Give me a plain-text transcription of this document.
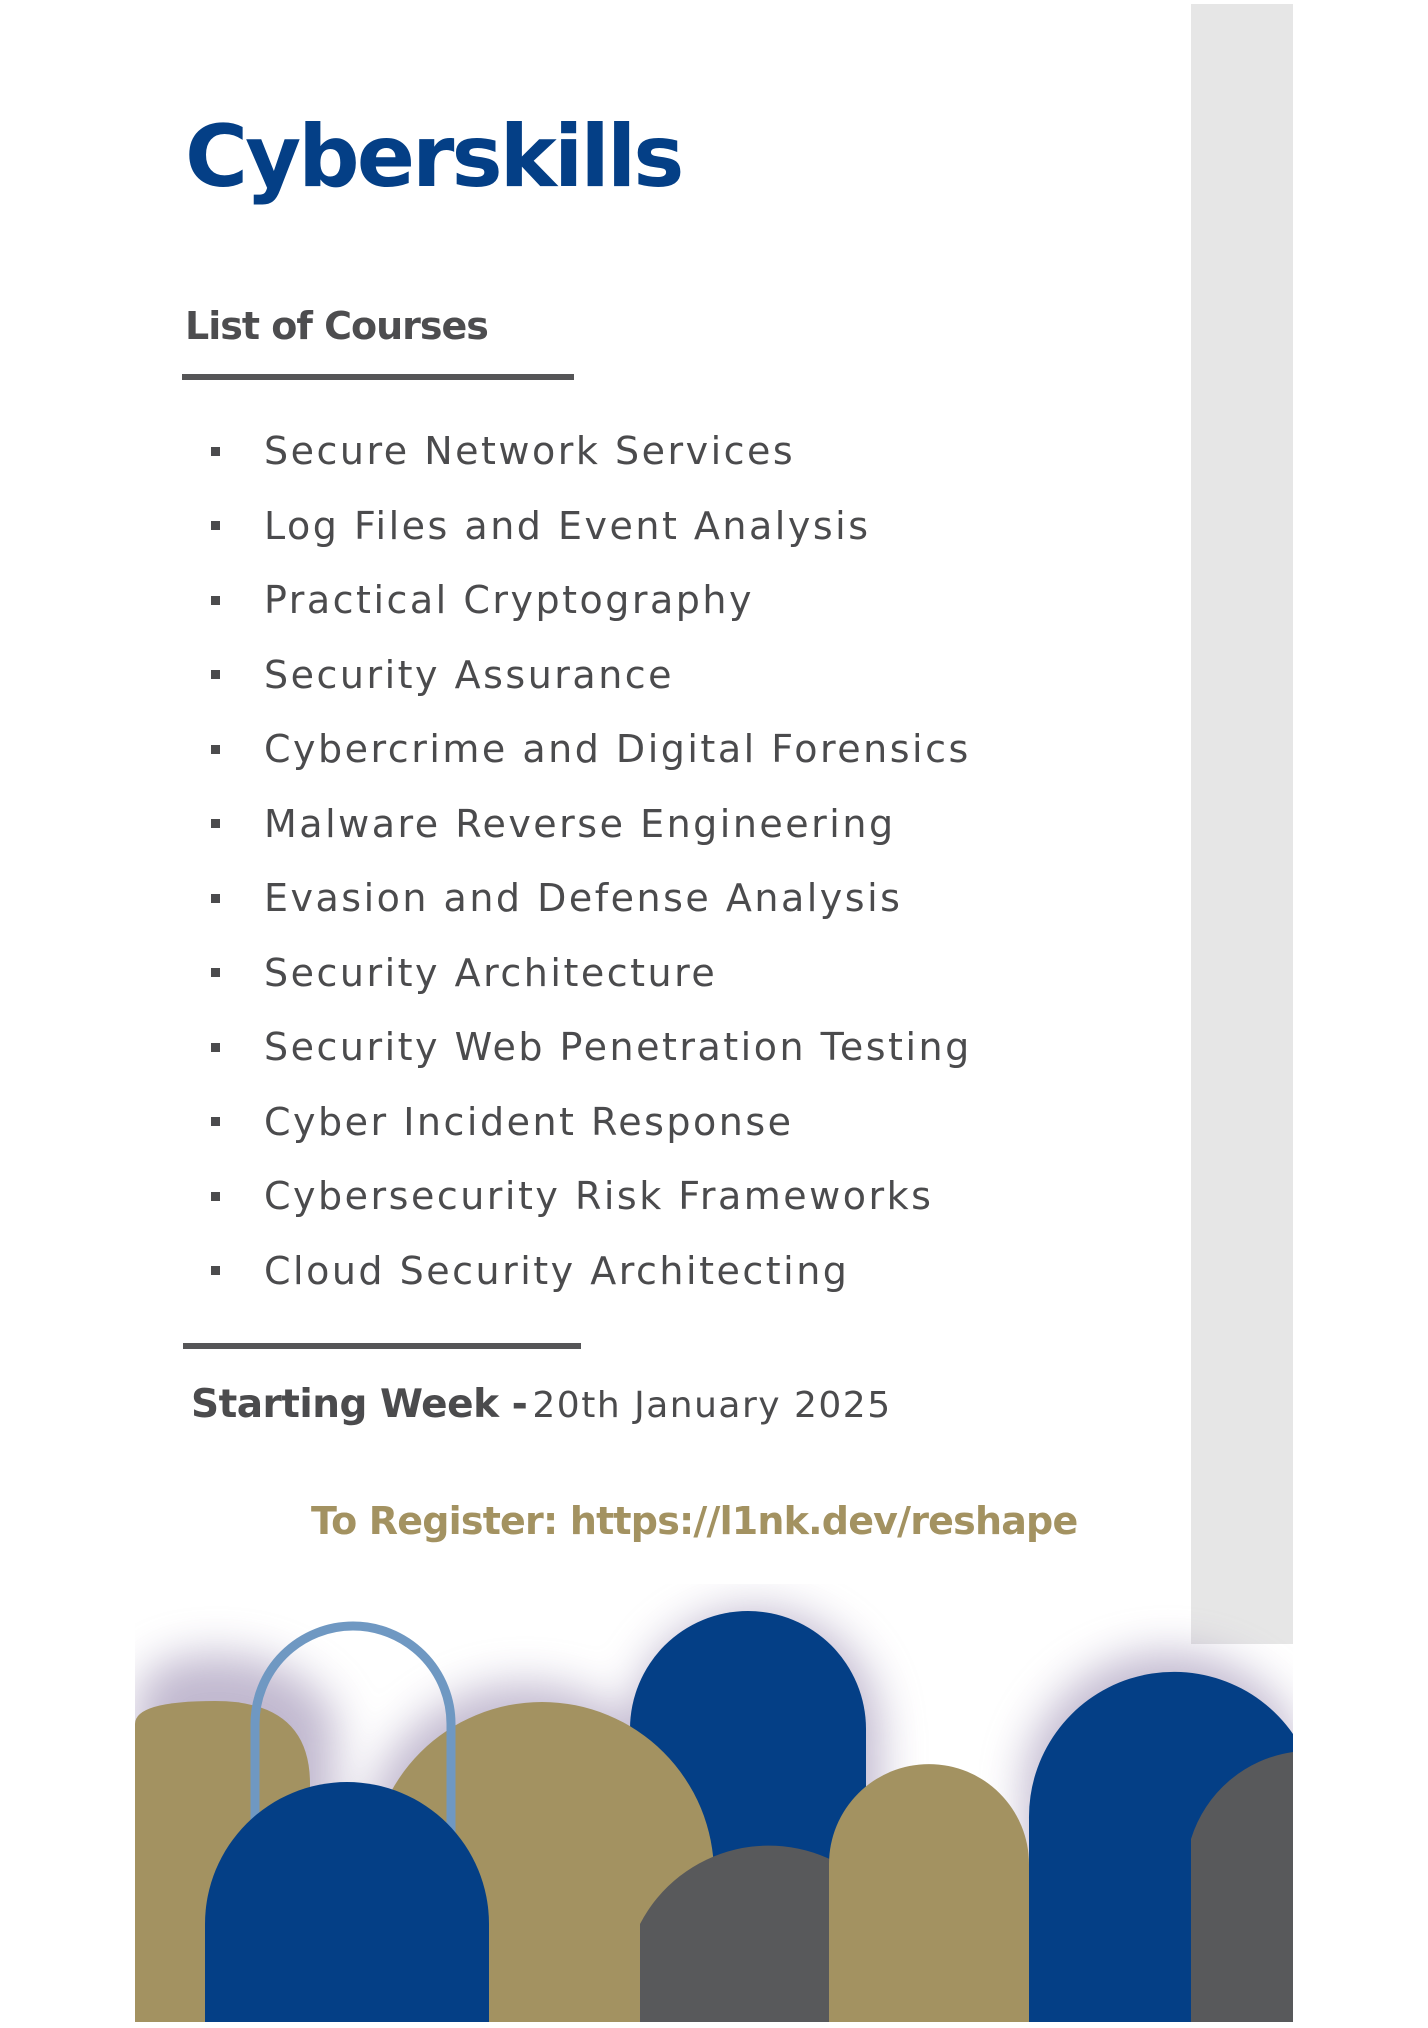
Cyberskills
List of Courses
Secure Network Services
Log Files and Event Analysis
Practical Cryptography
Security Assurance
Cybercrime and Digital Forensics
Malware Reverse Engineering
Evasion and Defense Analysis
Security Architecture
Security Web Penetration Testing
Cyber Incident Response
Cybersecurity Risk Frameworks
Cloud Security Architecting
Starting Week - 20th January 2025
To Register: https://l1nk.dev/reshape
